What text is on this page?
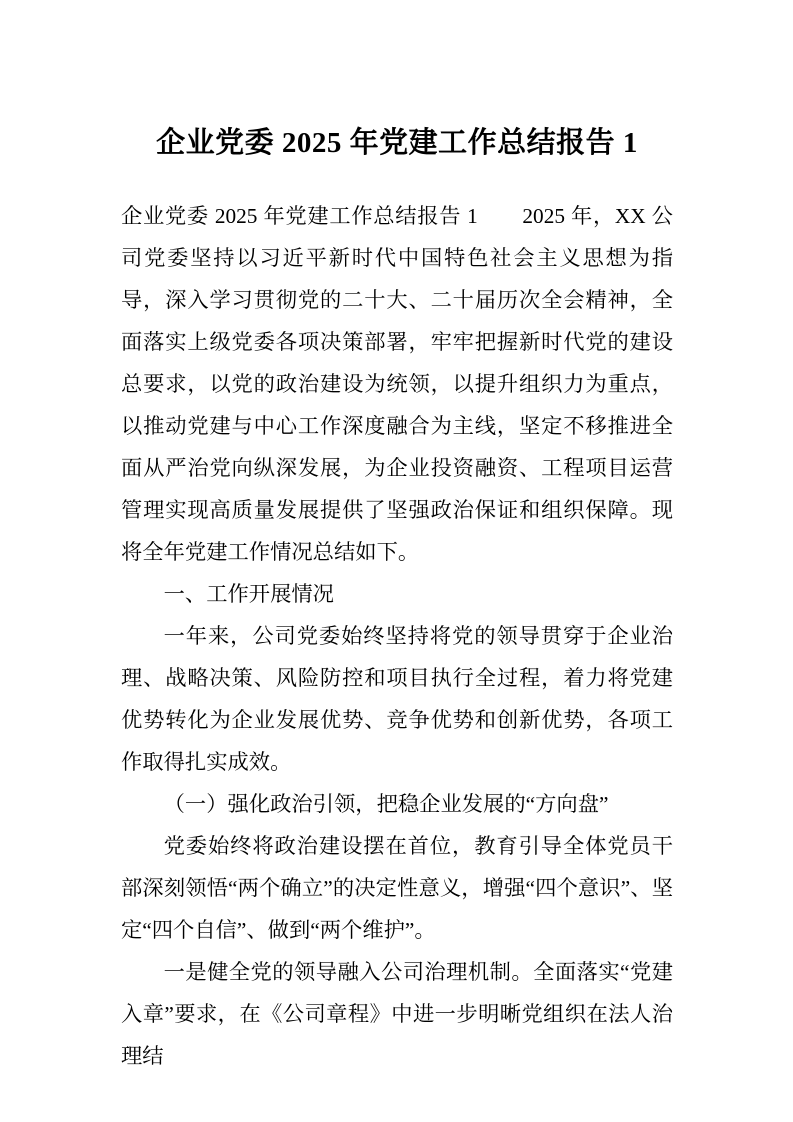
企业党委 2025 年党建工作总结报告 1

企业党委 2025 年党建工作总结报告 1　　2025 年，XX 公司党委坚持以习近平新时代中国特色社会主义思想为指导，深入学习贯彻党的二十大、二十届历次全会精神，全面落实上级党委各项决策部署，牢牢把握新时代党的建设总要求，以党的政治建设为统领，以提升组织力为重点，以推动党建与中心工作深度融合为主线，坚定不移推进全面从严治党向纵深发展，为企业投资融资、工程项目运营管理实现高质量发展提供了坚强政治保证和组织保障。现将全年党建工作情况总结如下。

一、工作开展情况

一年来，公司党委始终坚持将党的领导贯穿于企业治理、战略决策、风险防控和项目执行全过程，着力将党建优势转化为企业发展优势、竞争优势和创新优势，各项工作取得扎实成效。

（一）强化政治引领，把稳企业发展的“方向盘”

党委始终将政治建设摆在首位，教育引导全体党员干部深刻领悟“两个确立”的决定性意义，增强“四个意识”、坚定“四个自信”、做到“两个维护”。

一是健全党的领导融入公司治理机制。全面落实“党建入章”要求，在《公司章程》中进一步明晰党组织在法人治理结
